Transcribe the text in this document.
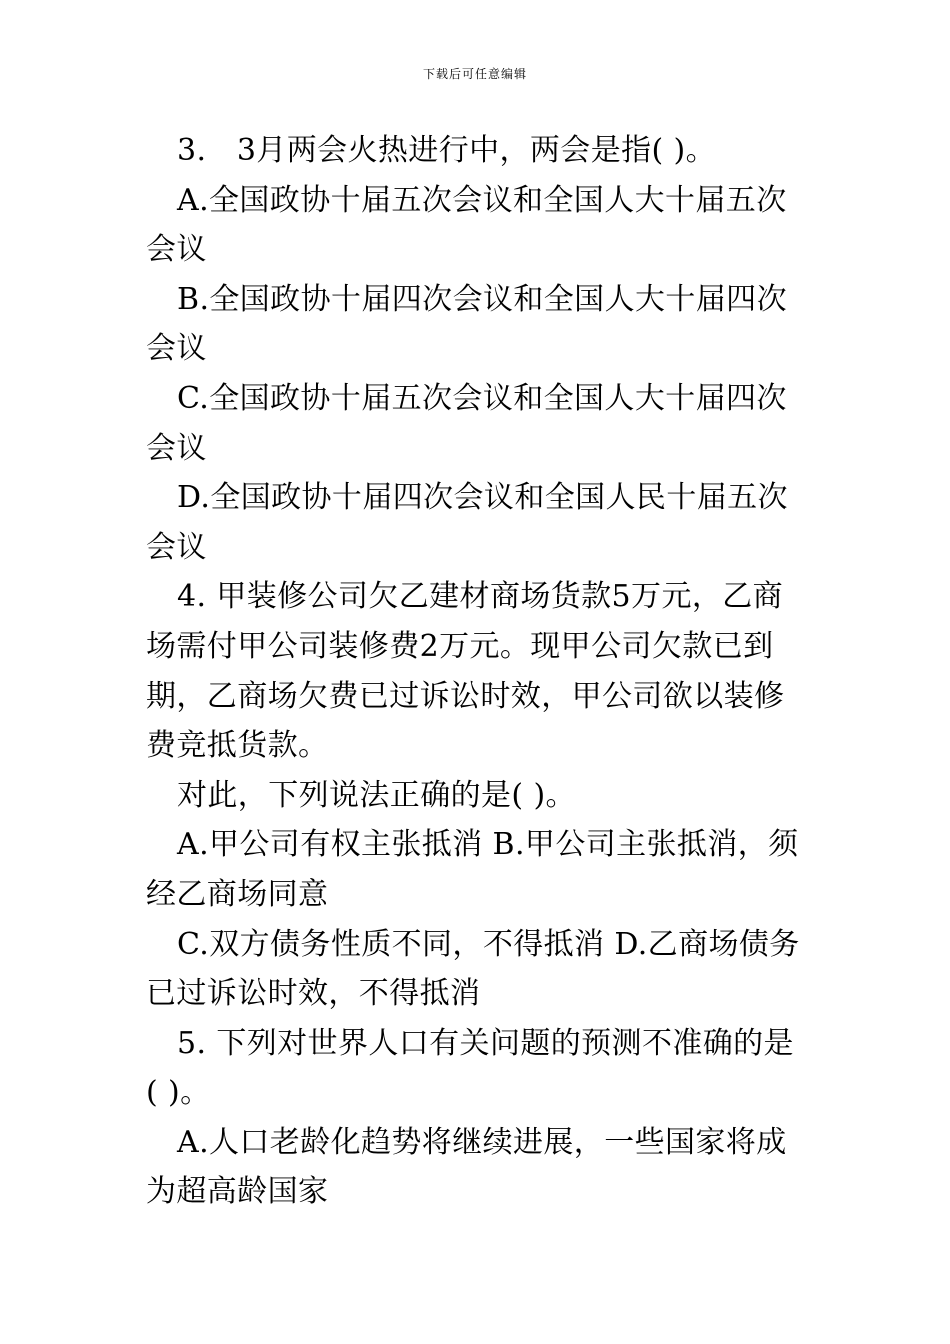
下载后可任意编辑

3.　3月两会火热进行中，两会是指( )。

A.全国政协十届五次会议和全国人大十届五次会议

B.全国政协十届四次会议和全国人大十届四次会议

C.全国政协十届五次会议和全国人大十届四次会议

D.全国政协十届四次会议和全国人民十届五次会议

4. 甲装修公司欠乙建材商场货款5万元，乙商场需付甲公司装修费2万元。现甲公司欠款已到期，乙商场欠费已过诉讼时效，甲公司欲以装修费竞抵货款。

对此，下列说法正确的是( )。

A.甲公司有权主张抵消 B.甲公司主张抵消，须经乙商场同意

C.双方债务性质不同，不得抵消 D.乙商场债务已过诉讼时效，不得抵消

5. 下列对世界人口有关问题的预测不准确的是( )。

A.人口老龄化趋势将继续进展，一些国家将成为超高龄国家
